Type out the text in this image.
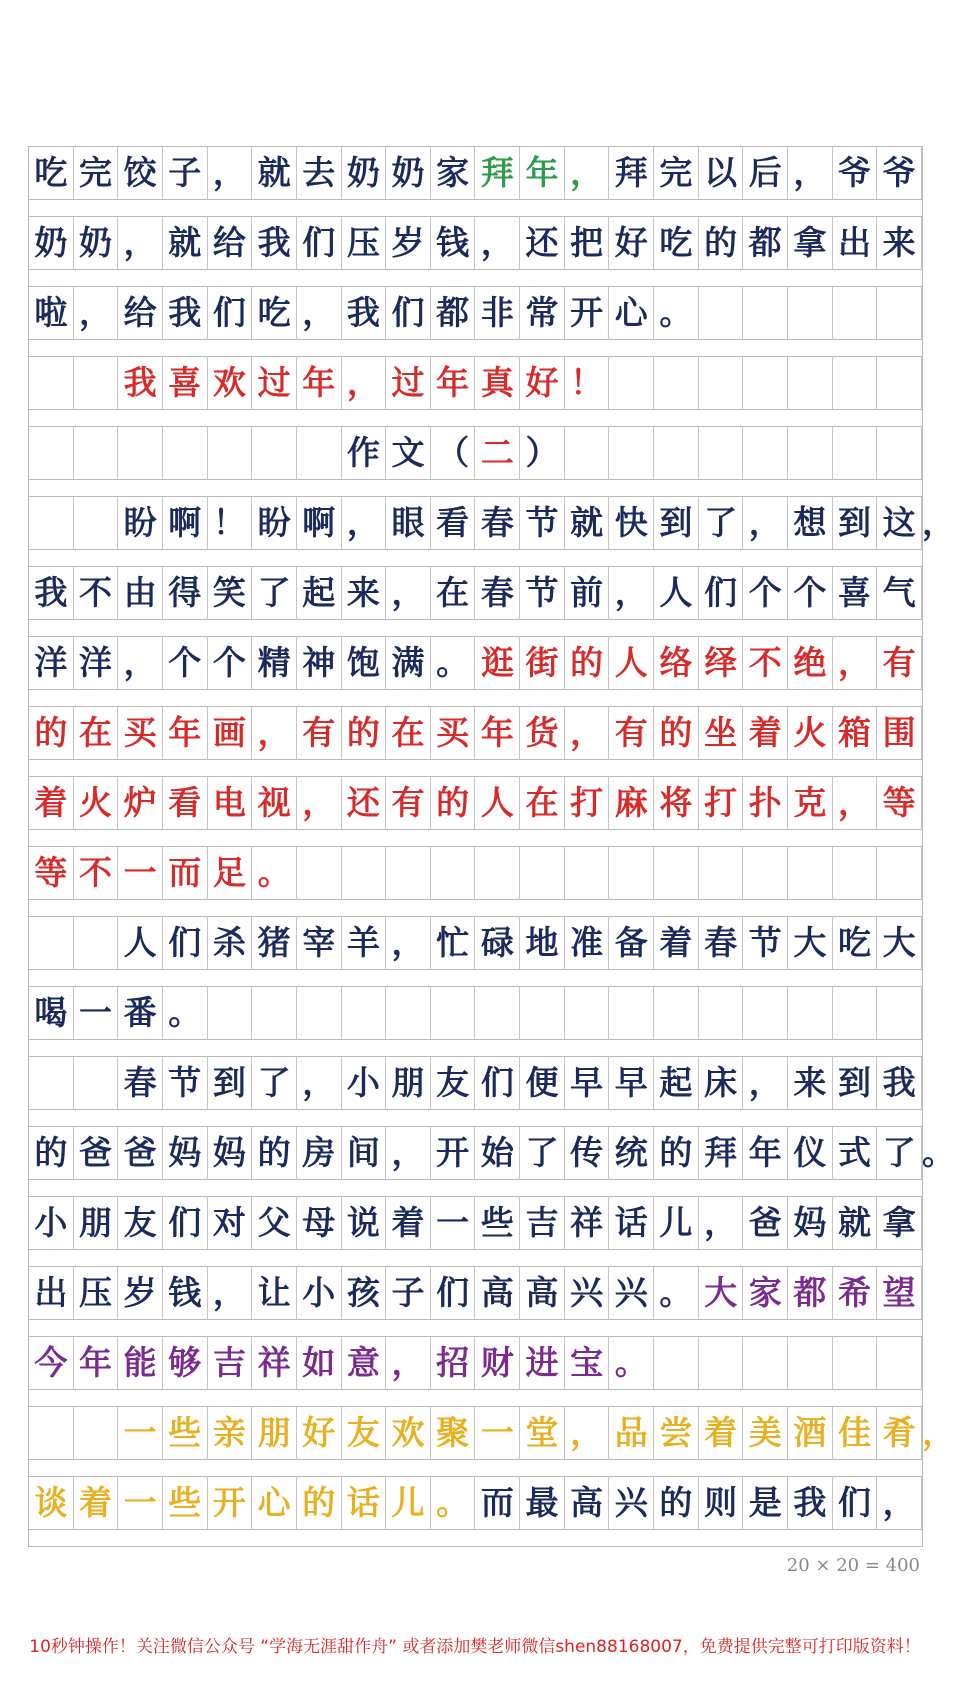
吃 完 饺 子 ， 就 去 奶 奶 家 拜 年 ， 拜 完 以 后 ， 爷 爷
奶 奶 ， 就 给 我 们 压 岁 钱 ， 还 把 好 吃 的 都 拿 出 来
啦 ， 给 我 们 吃 ， 我 们 都 非 常 开 心 。
我 喜 欢 过 年 ， 过 年 真 好 ！
作 文 （ 二 ）
盼 啊 ！ 盼 啊 ， 眼 看 春 节 就 快 到 了 ， 想 到 这 ，
我 不 由 得 笑 了 起 来 ， 在 春 节 前 ， 人 们 个 个 喜 气
洋 洋 ， 个 个 精 神 饱 满 。 逛 街 的 人 络 绎 不 绝 ， 有
的 在 买 年 画 ， 有 的 在 买 年 货 ， 有 的 坐 着 火 箱 围
着 火 炉 看 电 视 ， 还 有 的 人 在 打 麻 将 打 扑 克 ， 等
等 不 一 而 足 。
人 们 杀 猪 宰 羊 ， 忙 碌 地 准 备 着 春 节 大 吃 大
喝 一 番 。
春 节 到 了 ， 小 朋 友 们 便 早 早 起 床 ， 来 到 我
的 爸 爸 妈 妈 的 房 间 ， 开 始 了 传 统 的 拜 年 仪 式 了 。
小 朋 友 们 对 父 母 说 着 一 些 吉 祥 话 儿 ， 爸 妈 就 拿
出 压 岁 钱 ， 让 小 孩 子 们 高 高 兴 兴 。 大 家 都 希 望
今 年 能 够 吉 祥 如 意 ， 招 财 进 宝 。
一 些 亲 朋 好 友 欢 聚 一 堂 ， 品 尝 着 美 酒 佳 肴 ，
谈 着 一 些 开 心 的 话 儿 。 而 最 高 兴 的 则 是 我 们 ，
20 × 20 = 400
10秒钟操作！关注微信公众号 “学海无涯甜作舟” 或者添加樊老师微信shen88168007，免费提供完整可打印版资料！
